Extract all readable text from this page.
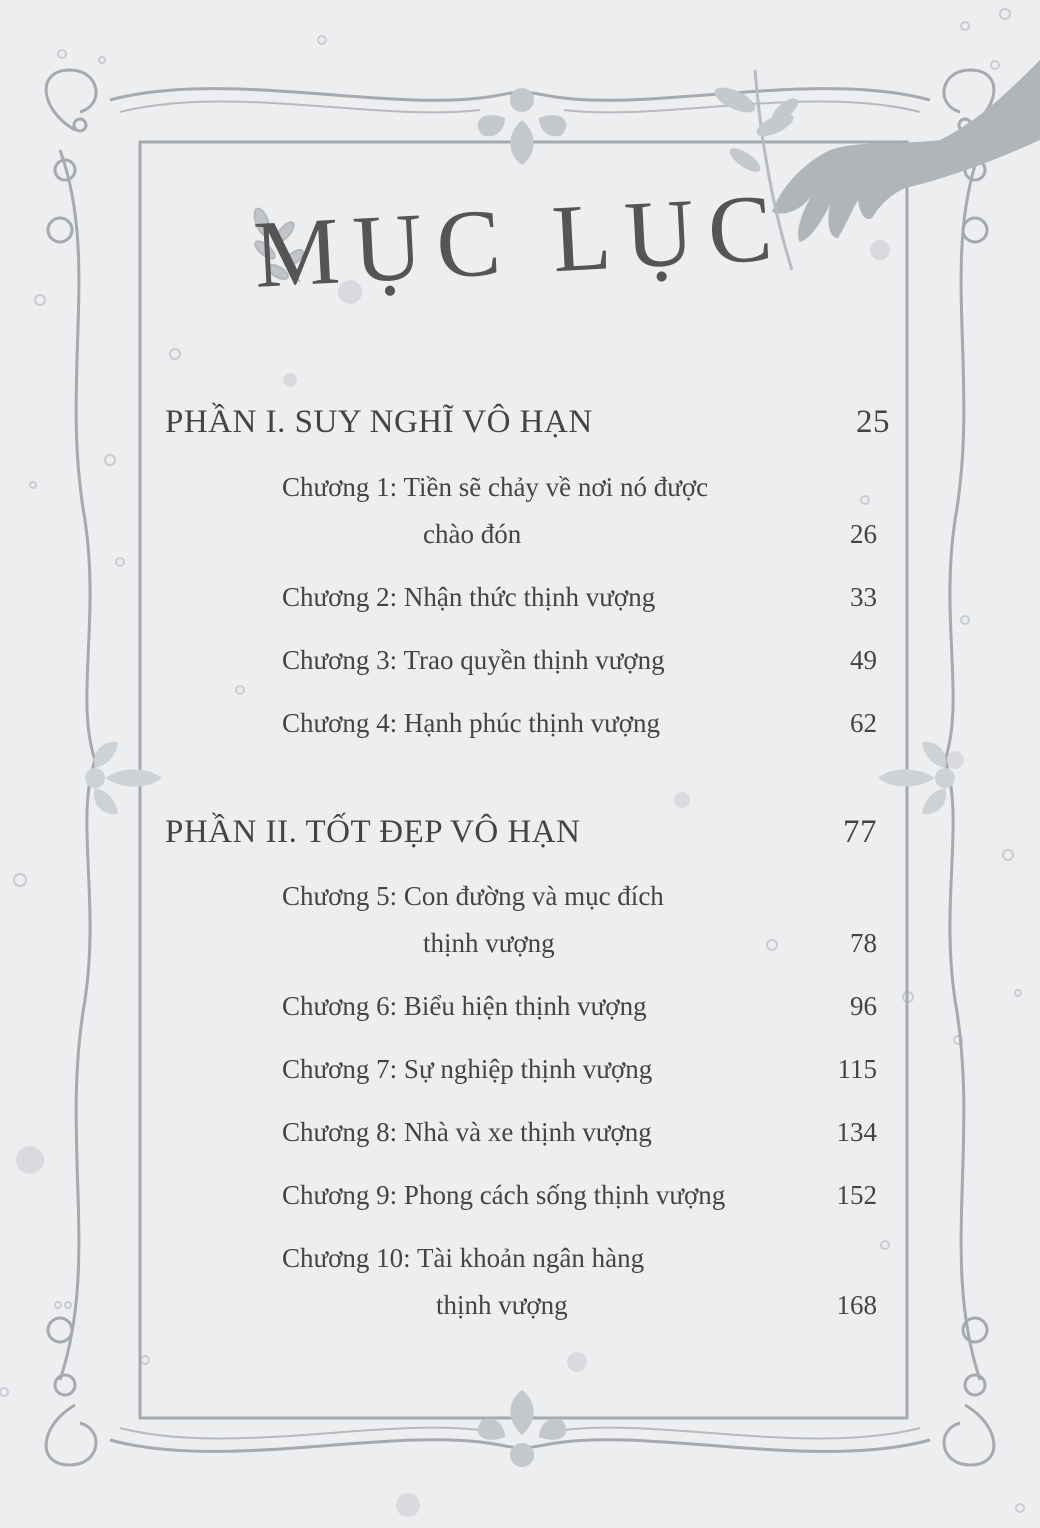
MỤC LỤC
PHẦN I. SUY NGHĨ VÔ HẠN	25
Chương 1: Tiền sẽ chảy về nơi nó được
chào đón	26
Chương 2: Nhận thức thịnh vượng	33
Chương 3: Trao quyền thịnh vượng	49
Chương 4: Hạnh phúc thịnh vượng	62
PHẦN II. TỐT ĐẸP VÔ HẠN	77
Chương 5: Con đường và mục đích
thịnh vượng	78
Chương 6: Biểu hiện thịnh vượng	96
Chương 7: Sự nghiệp thịnh vượng	115
Chương 8: Nhà và xe thịnh vượng	134
Chương 9: Phong cách sống thịnh vượng	152
Chương 10: Tài khoản ngân hàng
thịnh vượng	168
